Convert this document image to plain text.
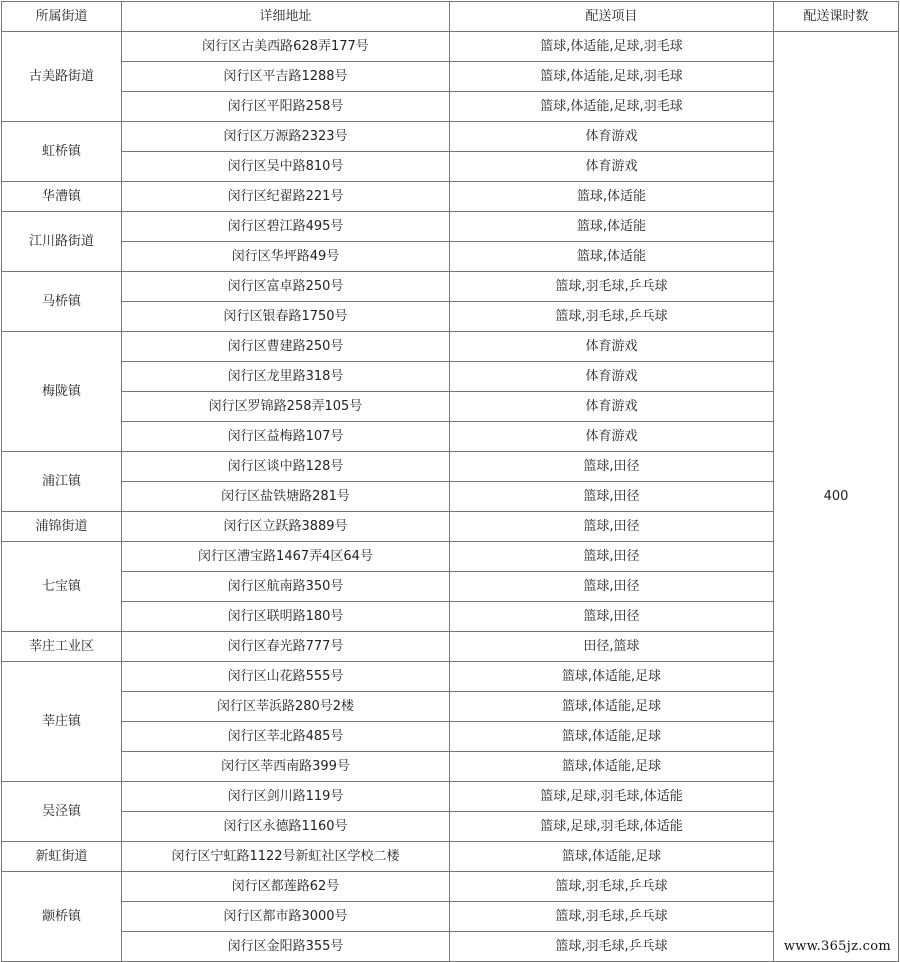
所属街道	详细地址	配送项目	配送课时数
古美路街道	闵行区古美西路628弄177号	篮球,体适能,足球,羽毛球	400
	闵行区平吉路1288号	篮球,体适能,足球,羽毛球	
	闵行区平阳路258号	篮球,体适能,足球,羽毛球	
虹桥镇	闵行区万源路2323号	体育游戏	
	闵行区吴中路810号	体育游戏	
华漕镇	闵行区纪翟路221号	篮球,体适能	
江川路街道	闵行区碧江路495号	篮球,体适能	
	闵行区华坪路49号	篮球,体适能	
马桥镇	闵行区富卓路250号	篮球,羽毛球,乒乓球	
	闵行区银春路1750号	篮球,羽毛球,乒乓球	
梅陇镇	闵行区曹建路250号	体育游戏	
	闵行区龙里路318号	体育游戏	
	闵行区罗锦路258弄105号	体育游戏	
	闵行区益梅路107号	体育游戏	
浦江镇	闵行区谈中路128号	篮球,田径	
	闵行区盐铁塘路281号	篮球,田径	
浦锦街道	闵行区立跃路3889号	篮球,田径	
七宝镇	闵行区漕宝路1467弄4区64号	篮球,田径	
	闵行区航南路350号	篮球,田径	
	闵行区联明路180号	篮球,田径	
莘庄工业区	闵行区春光路777号	田径,篮球	
莘庄镇	闵行区山花路555号	篮球,体适能,足球	
	闵行区莘浜路280号2楼	篮球,体适能,足球	
	闵行区莘北路485号	篮球,体适能,足球	
	闵行区莘西南路399号	篮球,体适能,足球	
吴泾镇	闵行区剑川路119号	篮球,足球,羽毛球,体适能	
	闵行区永德路1160号	篮球,足球,羽毛球,体适能	
新虹街道	闵行区宁虹路1122号新虹社区学校二楼	篮球,体适能,足球	
颛桥镇	闵行区都莲路62号	篮球,羽毛球,乒乓球	
	闵行区都市路3000号	篮球,羽毛球,乒乓球	
	闵行区金阳路355号	篮球,羽毛球,乒乓球		www.365jz.com
